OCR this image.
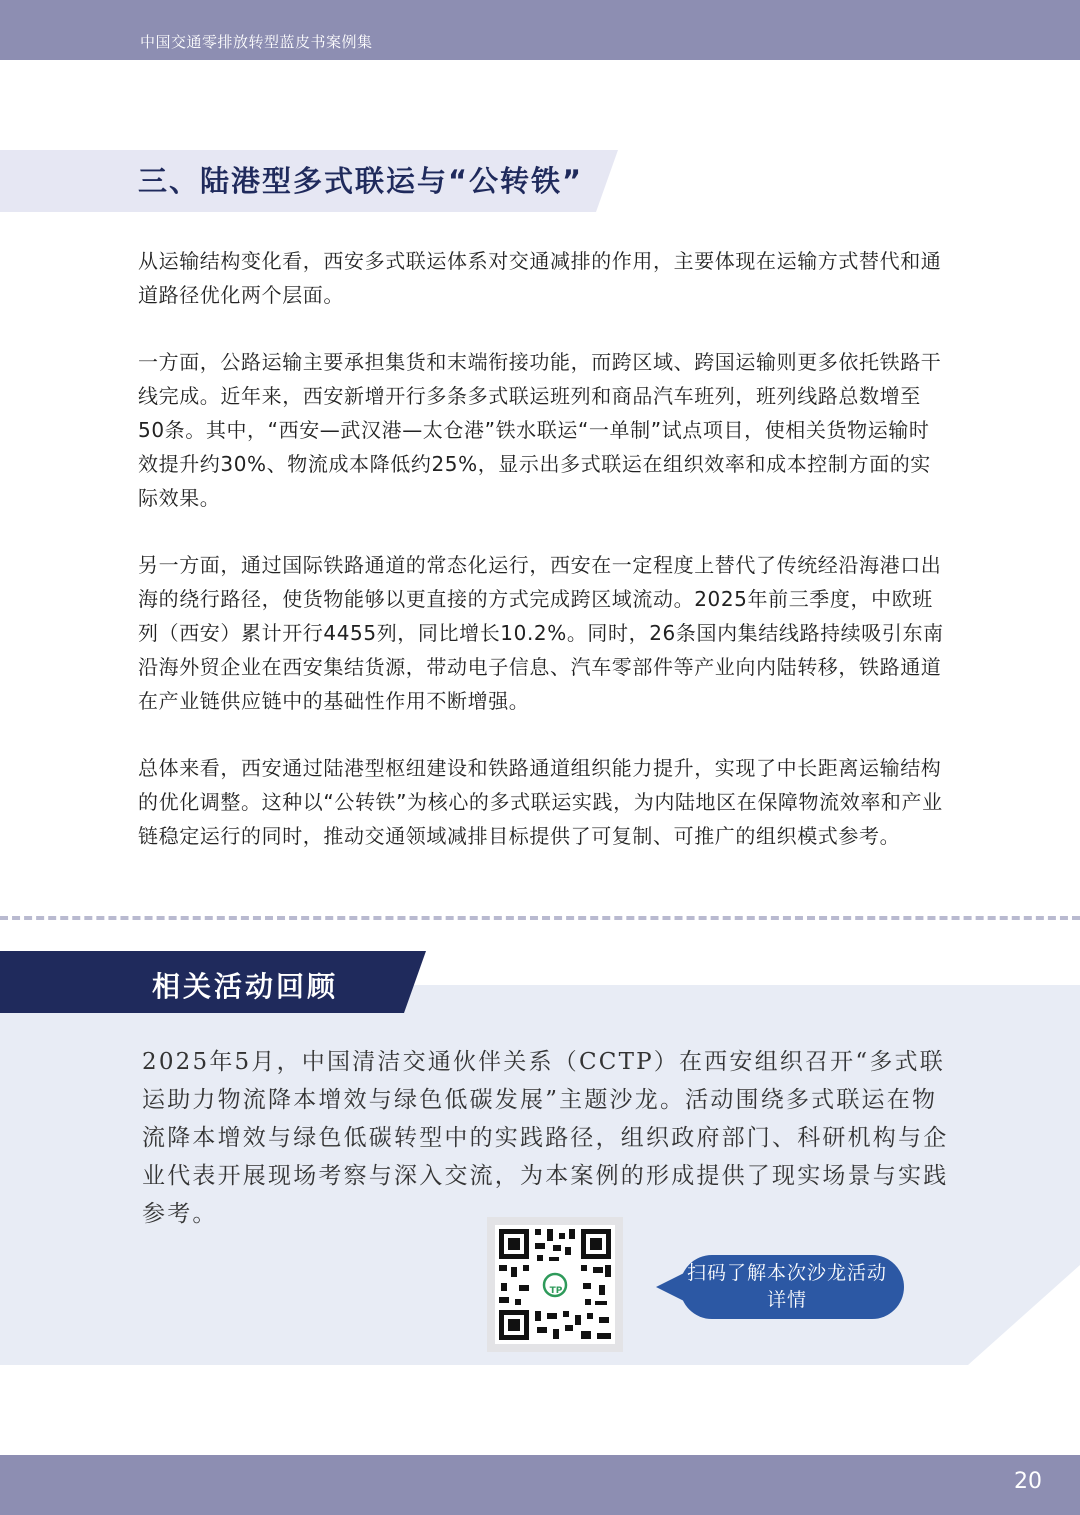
中国交通零排放转型蓝皮书案例集
三、陆港型多式联运与“公转铁”

从运输结构变化看，西安多式联运体系对交通减排的作用，主要体现在运输方式替代和通道路径优化两个层面。

一方面，公路运输主要承担集货和末端衔接功能，而跨区域、跨国运输则更多依托铁路干线完成。近年来，西安新增开行多条多式联运班列和商品汽车班列，班列线路总数增至50条。其中，“西安—武汉港—太仓港”铁水联运“一单制”试点项目，使相关货物运输时效提升约30%、物流成本降低约25%，显示出多式联运在组织效率和成本控制方面的实际效果。

另一方面，通过国际铁路通道的常态化运行，西安在一定程度上替代了传统经沿海港口出海的绕行路径，使货物能够以更直接的方式完成跨区域流动。2025年前三季度，中欧班列（西安）累计开行4455列，同比增长10.2%。同时，26条国内集结线路持续吸引东南沿海外贸企业在西安集结货源，带动电子信息、汽车零部件等产业向内陆转移，铁路通道在产业链供应链中的基础性作用不断增强。

总体来看，西安通过陆港型枢纽建设和铁路通道组织能力提升，实现了中长距离运输结构的优化调整。这种以“公转铁”为核心的多式联运实践，为内陆地区在保障物流效率和产业链稳定运行的同时，推动交通领域减排目标提供了可复制、可推广的组织模式参考。

相关活动回顾

2025年5月，中国清洁交通伙伴关系（CCTP）在西安组织召开“多式联运助力物流降本增效与绿色低碳发展”主题沙龙。活动围绕多式联运在物流降本增效与绿色低碳转型中的实践路径，组织政府部门、科研机构与企业代表开展现场考察与深入交流，为本案例的形成提供了现实场景与实践参考。

TP
扫码了解本次沙龙活动详情
20
